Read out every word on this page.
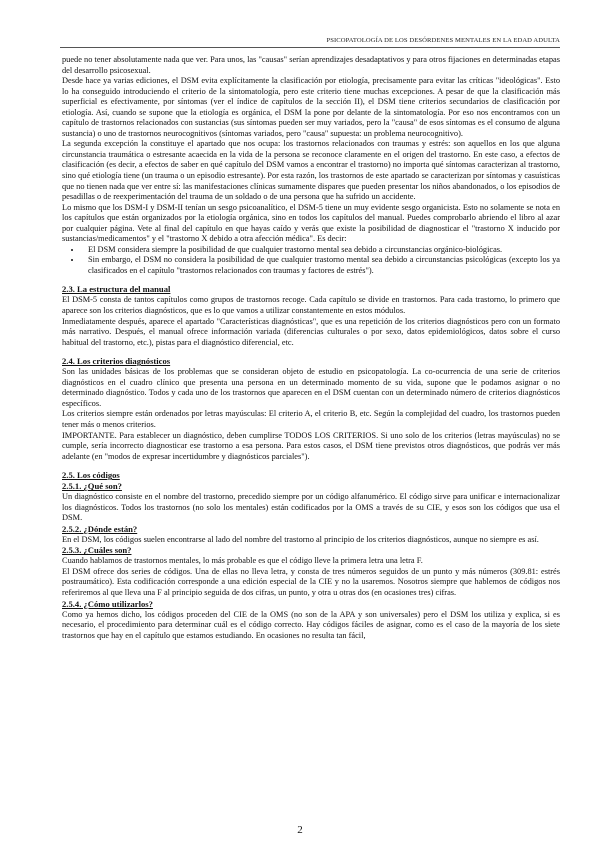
PSICOPATOLOGÍA DE LOS DESÓRDENES MENTALES EN LA EDAD ADULTA

puede no tener absolutamente nada que ver. Para unos, las "causas" serían aprendizajes desadaptativos y para otros fijaciones en determinadas etapas del desarrollo psicosexual.

Desde hace ya varias ediciones, el DSM evita explícitamente la clasificación por etiología, precisamente para evitar las críticas "ideológicas". Esto lo ha conseguido introduciendo el criterio de la sintomatología, pero este criterio tiene muchas excepciones. A pesar de que la clasificación más superficial es efectivamente, por síntomas (ver el índice de capítulos de la sección II), el DSM tiene criterios secundarios de clasificación por etiología. Así, cuando se supone que la etiología es orgánica, el DSM la pone por delante de la sintomatología. Por eso nos encontramos con un capítulo de trastornos relacionados con sustancias (sus síntomas pueden ser muy variados, pero la "causa" de esos síntomas es el consumo de alguna sustancia) o uno de trastornos neurocognitivos (síntomas variados, pero "causa" supuesta: un problema neurocognitivo).

La segunda excepción la constituye el apartado que nos ocupa: los trastornos relacionados con traumas y estrés: son aquellos en los que alguna circunstancia traumática o estresante acaecida en la vida de la persona se reconoce claramente en el origen del trastorno. En este caso, a efectos de clasificación (es decir, a efectos de saber en qué capítulo del DSM vamos a encontrar el trastorno) no importa qué síntomas caracterizan al trastorno, sino qué etiología tiene (un trauma o un episodio estresante). Por esta razón, los trastornos de este apartado se caracterizan por síntomas y casuísticas que no tienen nada que ver entre sí: las manifestaciones clínicas sumamente dispares que pueden presentar los niños abandonados, o los episodios de pesadillas o de reexperimentación del trauma de un soldado o de una persona que ha sufrido un accidente.

Lo mismo que los DSM-I y DSM-II tenían un sesgo psicoanalítico, el DSM-5 tiene un muy evidente sesgo organicista. Esto no solamente se nota en los capítulos que están organizados por la etiología orgánica, sino en todos los capítulos del manual. Puedes comprobarlo abriendo el libro al azar por cualquier página. Vete al final del capítulo en que hayas caído y verás que existe la posibilidad de diagnosticar el "trastorno X inducido por sustancias/medicamentos" y el "trastorno X debido a otra afección médica". Es decir:

• El DSM considera siempre la posibilidad de que cualquier trastorno mental sea debido a circunstancias orgánico-biológicas.
• Sin embargo, el DSM no considera la posibilidad de que cualquier trastorno mental sea debido a circunstancias psicológicas (excepto los ya clasificados en el capítulo "trastornos relacionados con traumas y factores de estrés").
2.3. La estructura del manual

El DSM-5 consta de tantos capítulos como grupos de trastornos recoge. Cada capítulo se divide en trastornos. Para cada trastorno, lo primero que aparece son los criterios diagnósticos, que es lo que vamos a utilizar constantemente en estos módulos.

Inmediatamente después, aparece el apartado "Características diagnósticas", que es una repetición de los criterios diagnósticos pero con un formato más narrativo. Después, el manual ofrece información variada (diferencias culturales o por sexo, datos epidemiológicos, datos sobre el curso habitual del trastorno, etc.), pistas para el diagnóstico diferencial, etc.

2.4. Los criterios diagnósticos

Son las unidades básicas de los problemas que se consideran objeto de estudio en psicopatología. La co-ocurrencia de una serie de criterios diagnósticos en el cuadro clínico que presenta una persona en un determinado momento de su vida, supone que le podamos asignar o no determinado diagnóstico. Todos y cada uno de los trastornos que aparecen en el DSM cuentan con un determinado número de criterios diagnósticos específicos.

Los criterios siempre están ordenados por letras mayúsculas: El criterio A, el criterio B, etc. Según la complejidad del cuadro, los trastornos pueden tener más o menos criterios.

IMPORTANTE. Para establecer un diagnóstico, deben cumplirse TODOS LOS CRITERIOS. Si uno solo de los criterios (letras mayúsculas) no se cumple, sería incorrecto diagnosticar ese trastorno a esa persona. Para estos casos, el DSM tiene previstos otros diagnósticos, que podrás ver más adelante (en "modos de expresar incertidumbre y diagnósticos parciales").

2.5. Los códigos
2.5.1. ¿Qué son?

Un diagnóstico consiste en el nombre del trastorno, precedido siempre por un código alfanumérico. El código sirve para unificar e internacionalizar los diagnósticos. Todos los trastornos (no solo los mentales) están codificados por la OMS a través de su CIE, y esos son los códigos que usa el DSM.

2.5.2. ¿Dónde están?

En el DSM, los códigos suelen encontrarse al lado del nombre del trastorno al principio de los criterios diagnósticos, aunque no siempre es así.

2.5.3. ¿Cuáles son?

Cuando hablamos de trastornos mentales, lo más probable es que el código lleve la primera letra una letra F.

El DSM ofrece dos series de códigos. Una de ellas no lleva letra, y consta de tres números seguidos de un punto y más números (309.81: estrés postraumático). Esta codificación corresponde a una edición especial de la CIE y no la usaremos. Nosotros siempre que hablemos de códigos nos referiremos al que lleva una F al principio seguida de dos cifras, un punto, y otra u otras dos (en ocasiones tres) cifras.

2.5.4. ¿Cómo utilizarlos?

Como ya hemos dicho, los códigos proceden del CIE de la OMS (no son de la APA y son universales) pero el DSM los utiliza y explica, si es necesario, el procedimiento para determinar cuál es el código correcto. Hay códigos fáciles de asignar, como es el caso de la mayoría de los siete trastornos que hay en el capítulo que estamos estudiando. En ocasiones no resulta tan fácil,

2
